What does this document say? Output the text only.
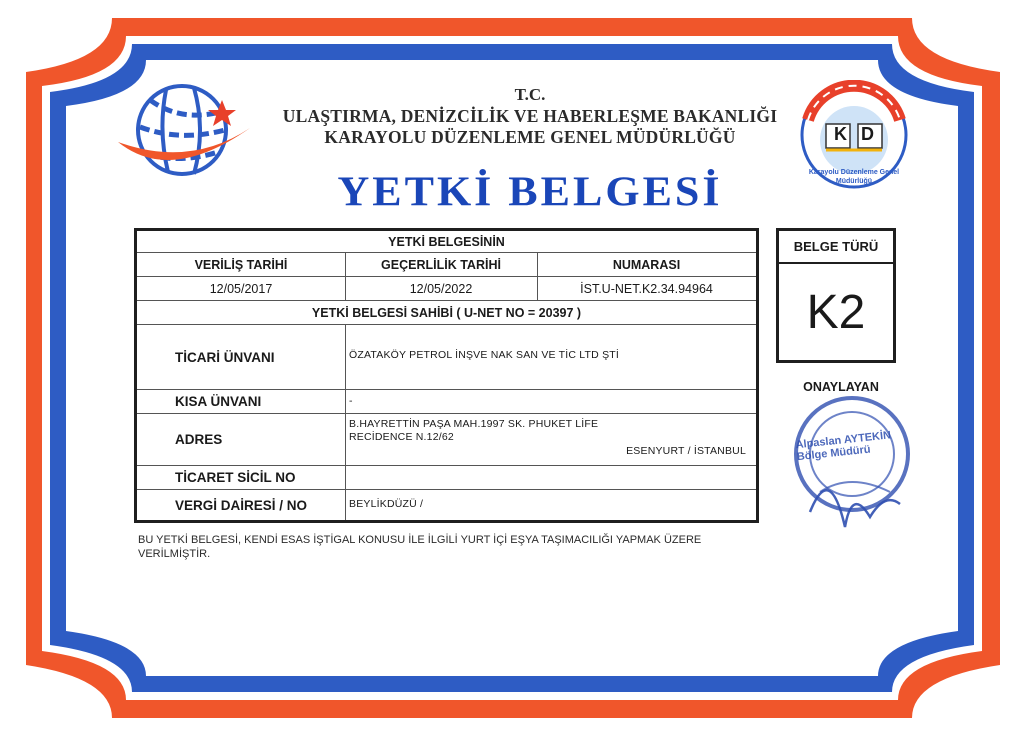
T.C.
ULAŞTIRMA, DENİZCİLİK VE HABERLEŞME BAKANLIĞI
KARAYOLU DÜZENLEME GENEL MÜDÜRLÜĞÜ	K D
Karayolu Düzenleme Genel Müdürlüğü
YETKİ BELGESİ
YETKİ BELGESİNİN
VERİLİŞ TARİHİ	GEÇERLİLİK TARİHİ	NUMARASI
12/05/2017	12/05/2022	İST.U-NET.K2.34.94964
YETKİ BELGESİ SAHİBİ ( U-NET NO = 20397 )
TİCARİ ÜNVANI	ÖZATAKÖY PETROL İNŞVE NAK SAN VE TİC LTD ŞTİ
KISA ÜNVANI	-
ADRES
B.HAYRETTİN PAŞA MAH.1997 SK. PHUKET LİFE
RECİDENCE N.12/62
ESENYURT / İSTANBUL
TİCARET SİCİL NO
VERGİ DAİRESİ / NO	BEYLİKDÜZÜ /
BELGE TÜRÜ
K2
ONAYLAYAN
Alpaslan AYTEKİN Bölge Müdürü
BU YETKİ BELGESİ, KENDİ ESAS İŞTİGAL KONUSU İLE İLGİLİ YURT İÇİ EŞYA TAŞIMACILIĞI YAPMAK ÜZERE VERİLMİŞTİR.
